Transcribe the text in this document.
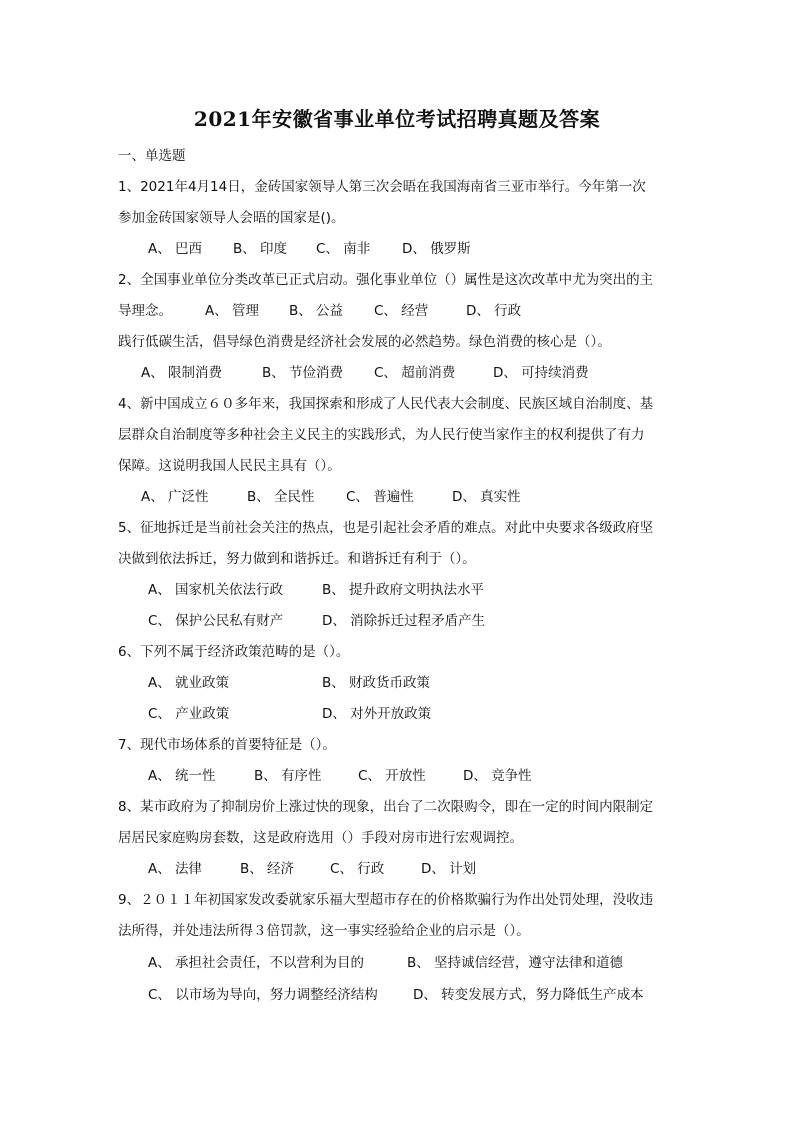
2021年安徽省事业单位考试招聘真题及答案
一、单选题
1、2021年4月14日，金砖国家领导人第三次会晤在我国海南省三亚市举行。今年第一次
参加金砖国家领导人会晤的国家是()。
A、 巴西 B、 印度 C、 南非 D、 俄罗斯
2、全国事业单位分类改革已正式启动。强化事业单位（）属性是这次改革中尤为突出的主
导理念。 A、 管理 B、 公益 C、 经营	D、 行政
践行低碳生活，倡导绿色消费是经济社会发展的必然趋势。绿色消费的核心是（）。
A、 限制消费	B、 节俭消费 C、 超前消费	D、 可持续消费
4、新中国成立６０多年来，我国探索和形成了人民代表大会制度、民族区域自治制度、基
层群众自治制度等多种社会主义民主的实践形式，为人民行使当家作主的权利提供了有力
保障。这说明我国人民民主具有（）。
A、 广泛性	B、 全民性 C、 普遍性	D、 真实性
5、征地拆迁是当前社会关注的热点，也是引起社会矛盾的难点。对此中央要求各级政府坚
决做到依法拆迁，努力做到和谐拆迁。和谐拆迁有利于（）。
A、 国家机关依法行政	B、 提升政府文明执法水平
C、 保护公民私有财产	D、 消除拆迁过程矛盾产生
6、下列不属于经济政策范畴的是（）。
A、 就业政策	B、 财政货币政策
C、 产业政策	D、 对外开放政策
7、现代市场体系的首要特征是（）。
A、 统一性	B、 有序性	C、 开放性	D、 竞争性
8、某市政府为了抑制房价上涨过快的现象，出台了二次限购令，即在一定的时间内限制定
居居民家庭购房套数，这是政府选用（）手段对房市进行宏观调控。
A、 法律	B、 经济	C、 行政	D、 计划
9、２０１１年初国家发改委就家乐福大型超市存在的价格欺骗行为作出处罚处理，没收违
法所得，并处违法所得３倍罚款，这一事实经验给企业的启示是（）。
A、 承担社会责任，不以营利为目的	B、 坚持诚信经营，遵守法律和道德
C、 以市场为导向，努力调整经济结构	D、 转变发展方式，努力降低生产成本
